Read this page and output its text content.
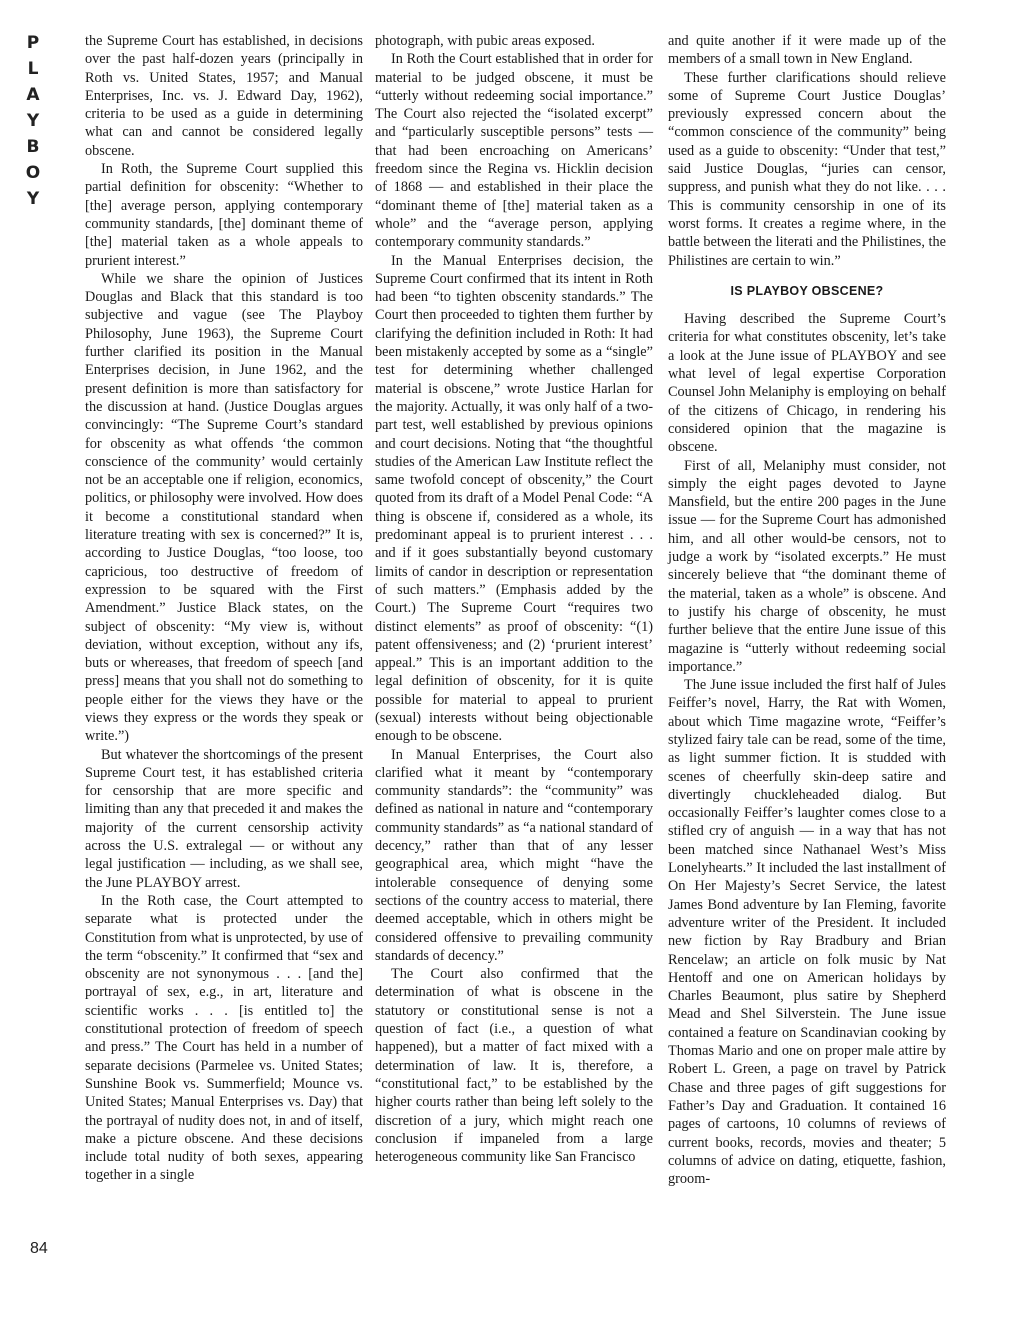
P
L
A
Y
B
O
Y

the Supreme Court has established, in decisions over the past half-dozen years (principally in Roth vs. United States, 1957; and Manual Enterprises, Inc. vs. J. Edward Day, 1962), criteria to be used as a guide in determining what can and cannot be considered legally obscene.

In Roth, the Supreme Court supplied this partial definition for obscenity: “Whether to [the] average person, applying contemporary community standards, [the] dominant theme of [the] material taken as a whole appeals to prurient interest.”

While we share the opinion of Justices Douglas and Black that this standard is too subjective and vague (see The Playboy Philosophy, June 1963), the Supreme Court further clarified its position in the Manual Enterprises decision, in June 1962, and the present definition is more than satisfactory for the discussion at hand. (Justice Douglas argues convincingly: “The Supreme Court’s standard for obscenity as what offends ‘the common conscience of the community’ would certainly not be an acceptable one if religion, economics, politics, or philosophy were involved. How does it become a constitutional standard when literature treating with sex is concerned?” It is, according to Justice Douglas, “too loose, too capricious, too destructive of freedom of expression to be squared with the First Amendment.” Justice Black states, on the subject of obscenity: “My view is, without deviation, without exception, without any ifs, buts or whereases, that freedom of speech [and press] means that you shall not do something to people either for the views they have or the views they express or the words they speak or write.”)

But whatever the shortcomings of the present Supreme Court test, it has established criteria for censorship that are more specific and limiting than any that preceded it and makes the majority of the current censorship activity across the U.S. extralegal — or without any legal justification — including, as we shall see, the June PLAYBOY arrest.

In the Roth case, the Court attempted to separate what is protected under the Constitution from what is unprotected, by use of the term “obscenity.” It confirmed that “sex and obscenity are not synonymous . . . [and the] portrayal of sex, e.g., in art, literature and scientific works . . . [is entitled to] the constitutional protection of freedom of speech and press.” The Court has held in a number of separate decisions (Parmelee vs. United States; Sunshine Book vs. Summerfield; Mounce vs. United States; Manual Enterprises vs. Day) that the portrayal of nudity does not, in and of itself, make a picture obscene. And these decisions include total nudity of both sexes, appearing together in a single

photograph, with pubic areas exposed.

In Roth the Court established that in order for material to be judged obscene, it must be “utterly without redeeming social importance.” The Court also rejected the “isolated excerpt” and “particularly susceptible persons” tests — that had been encroaching on Americans’ freedom since the Regina vs. Hicklin decision of 1868 — and established in their place the “dominant theme of [the] material taken as a whole” and the “average person, applying contemporary community standards.”

In the Manual Enterprises decision, the Supreme Court confirmed that its intent in Roth had been “to tighten obscenity standards.” The Court then proceeded to tighten them further by clarifying the definition included in Roth: It had been mistakenly accepted by some as a “single” test for determining whether challenged material is obscene,” wrote Justice Harlan for the majority. Actually, it was only half of a two-part test, well established by previous opinions and court decisions. Noting that “the thoughtful studies of the American Law Institute reflect the same twofold concept of obscenity,” the Court quoted from its draft of a Model Penal Code: “A thing is obscene if, considered as a whole, its predominant appeal is to prurient interest . . . and if it goes substantially beyond customary limits of candor in description or representation of such matters.” (Emphasis added by the Court.) The Supreme Court “requires two distinct elements” as proof of obscenity: “(1) patent offensiveness; and (2) ‘prurient interest’ appeal.” This is an important addition to the legal definition of obscenity, for it is quite possible for material to appeal to prurient (sexual) interests without being objectionable enough to be obscene.

In Manual Enterprises, the Court also clarified what it meant by “contemporary community standards”: the “community” was defined as national in nature and “contemporary community standards” as “a national standard of decency,” rather than that of any lesser geographical area, which might “have the intolerable consequence of denying some sections of the country access to material, there deemed acceptable, which in others might be considered offensive to prevailing community standards of decency.”

The Court also confirmed that the determination of what is obscene in the statutory or constitutional sense is not a question of fact (i.e., a question of what happened), but a matter of fact mixed with a determination of law. It is, therefore, a “constitutional fact,” to be established by the higher courts rather than being left solely to the discretion of a jury, which might reach one conclusion if impaneled from a large heterogeneous community like San Francisco

and quite another if it were made up of the members of a small town in New England.

These further clarifications should relieve some of Supreme Court Justice Douglas’ previously expressed concern about the “common conscience of the community” being used as a guide to obscenity: “Under that test,” said Justice Douglas, “juries can censor, suppress, and punish what they do not like. . . . This is community censorship in one of its worst forms. It creates a regime where, in the battle between the literati and the Philistines, the Philistines are certain to win.”

IS PLAYBOY OBSCENE?

Having described the Supreme Court’s criteria for what constitutes obscenity, let’s take a look at the June issue of PLAYBOY and see what level of legal expertise Corporation Counsel John Melaniphy is employing on behalf of the citizens of Chicago, in rendering his considered opinion that the magazine is obscene.

First of all, Melaniphy must consider, not simply the eight pages devoted to Jayne Mansfield, but the entire 200 pages in the June issue — for the Supreme Court has admonished him, and all other would-be censors, not to judge a work by “isolated excerpts.” He must sincerely believe that “the dominant theme of the material, taken as a whole” is obscene. And to justify his charge of obscenity, he must further believe that the entire June issue of this magazine is “utterly without redeeming social importance.”

The June issue included the first half of Jules Feiffer’s novel, Harry, the Rat with Women, about which Time magazine wrote, “Feiffer’s stylized fairy tale can be read, some of the time, as light summer fiction. It is studded with scenes of cheerfully skin-deep satire and divertingly chuckleheaded dialog. But occasionally Feiffer’s laughter comes close to a stifled cry of anguish — in a way that has not been matched since Nathanael West’s Miss Lonelyhearts.” It included the last installment of On Her Majesty’s Secret Service, the latest James Bond adventure by Ian Fleming, favorite adventure writer of the President. It included new fiction by Ray Bradbury and Brian Rencelaw; an article on folk music by Nat Hentoff and one on American holidays by Charles Beaumont, plus satire by Shepherd Mead and Shel Silverstein. The June issue contained a feature on Scandinavian cooking by Thomas Mario and one on proper male attire by Robert L. Green, a page on travel by Patrick Chase and three pages of gift suggestions for Father’s Day and Graduation. It contained 16 pages of cartoons, 10 columns of reviews of current books, records, movies and theater; 5 columns of advice on dating, etiquette, fashion, groom-

84
